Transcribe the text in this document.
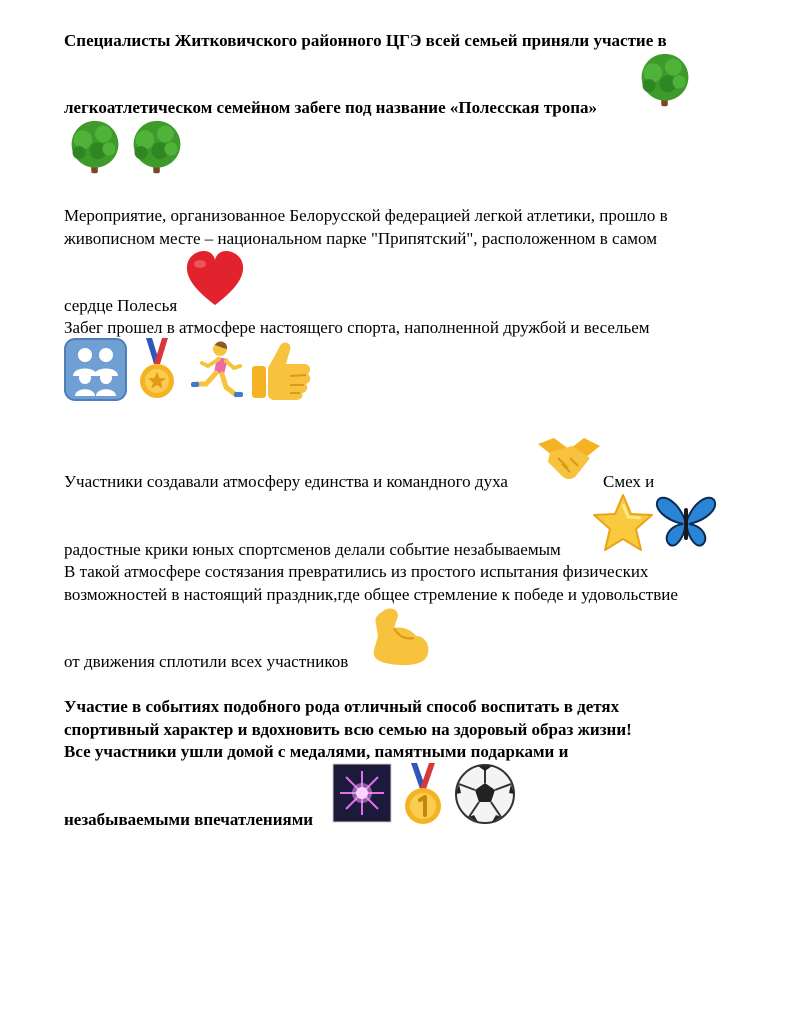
Специалисты Житковичского районного ЦГЭ всей семьей приняли участие в
легкоатлетическом семейном забеге под название «Полесская тропа»
Мероприятие, организованное Белорусской федерацией легкой атлетики, прошло в
живописном месте – национальном парке "Припятский", расположенном в самом
сердце Полесья
Забег прошел в атмосфере настоящего спорта, наполненной дружбой и весельем
Участники создавали атмосферу единства и командного духа	Смех и
радостные крики юных спортсменов делали событие незабываемым
В такой атмосфере состязания превратились из простого испытания физических
возможностей в настоящий праздник,где общее стремление к победе и удовольствие
от движения сплотили всех участников
Участие в событиях подобного рода отличный способ воспитать в детях
спортивный характер и вдохновить всю семью на здоровый образ жизни!
Все участники ушли домой с медалями, памятными подарками и
незабываемыми впечатлениями
